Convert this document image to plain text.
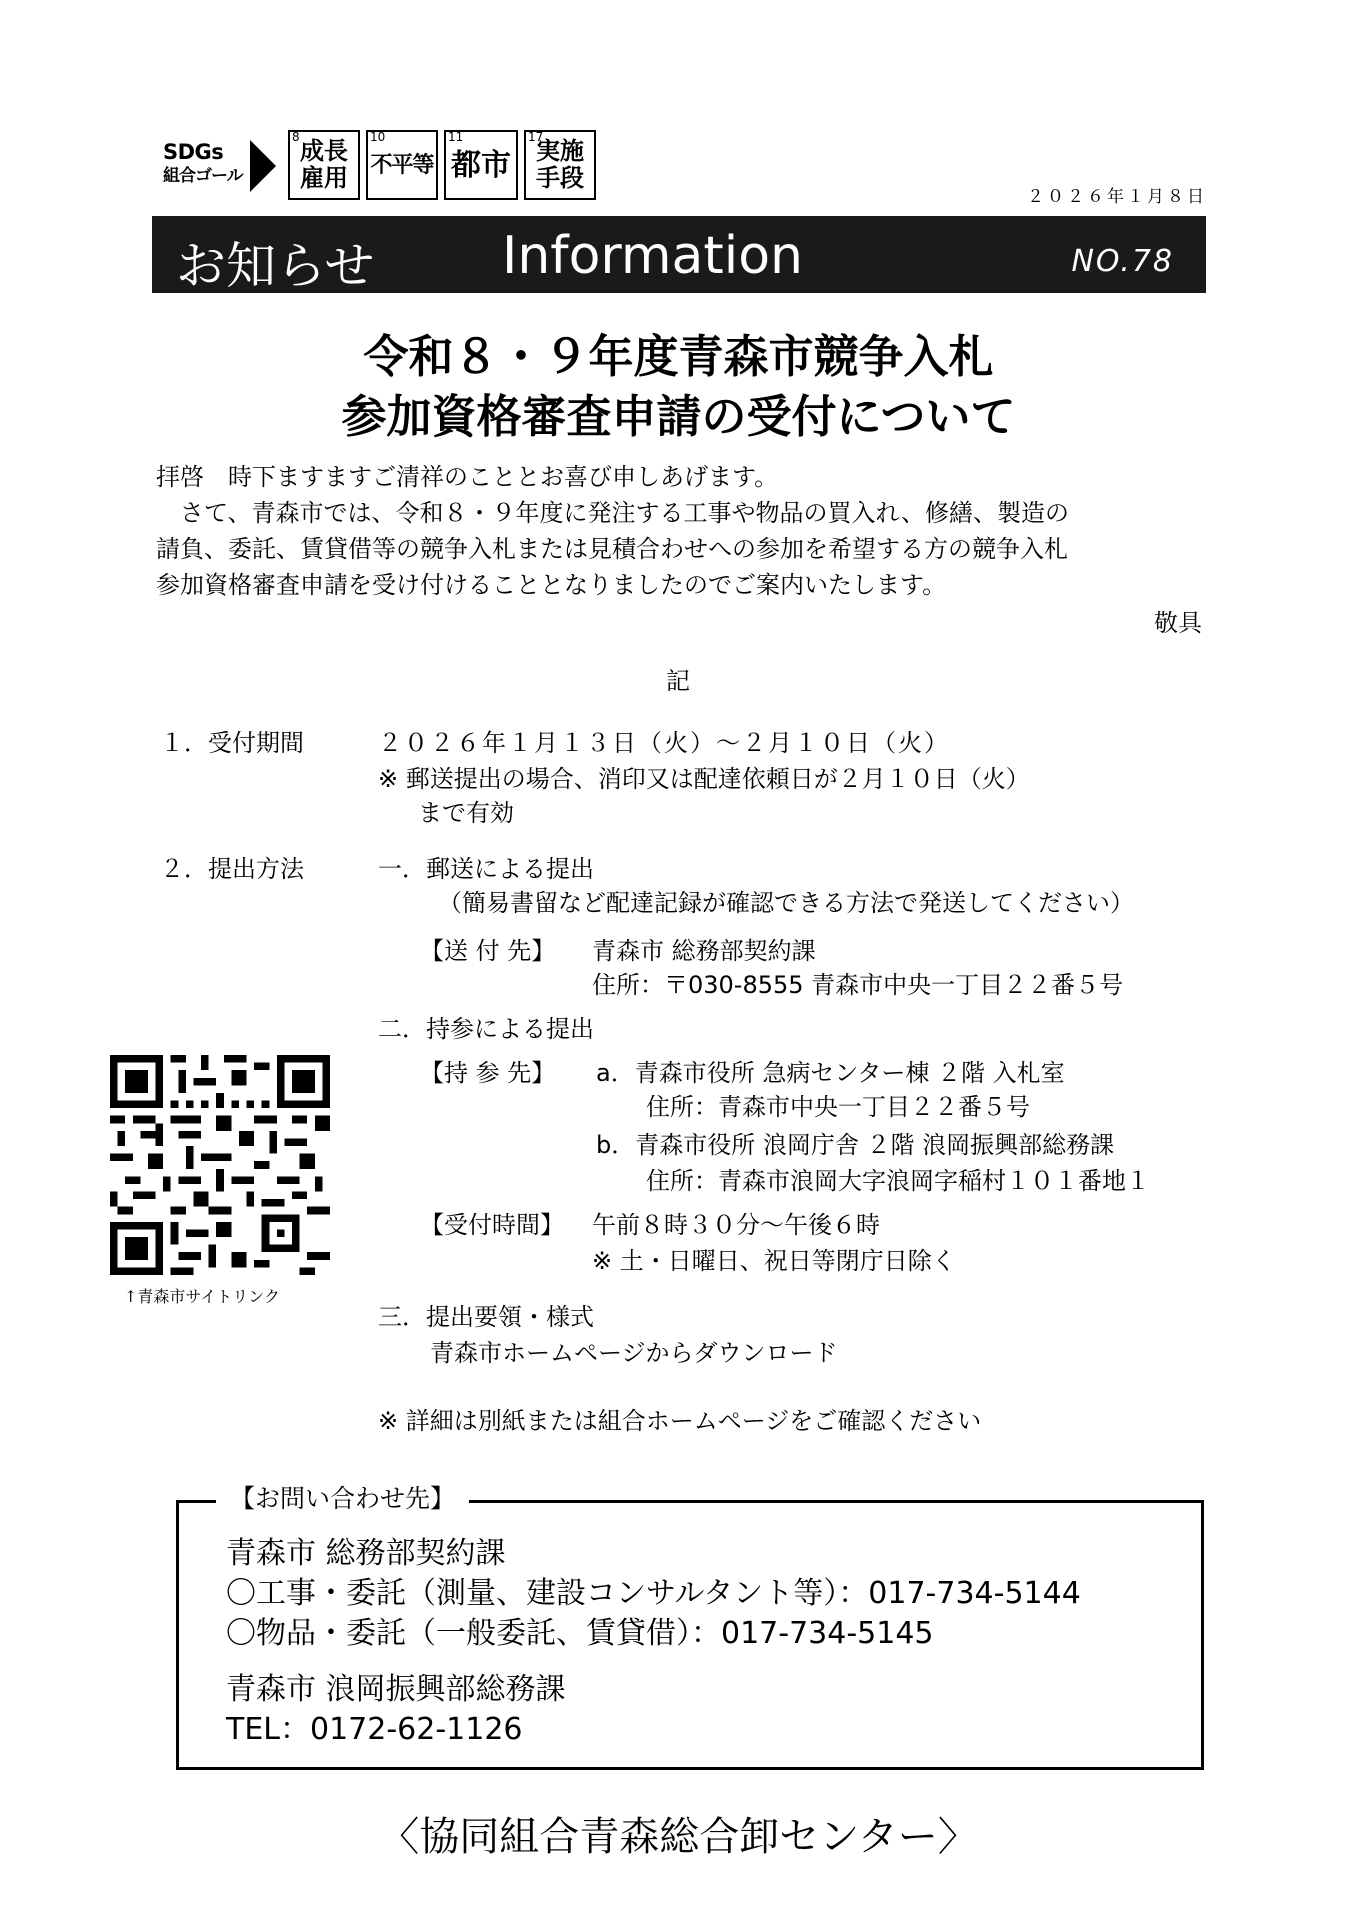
SDGs
組合ゴール
8 成長
雇用
10
不平等
11
都市
17
実施
手段
２０２６年１月８日
お知らせ Information	NO.78
令和８・９年度青森市競争入札
参加資格審査申請の受付について
拝啓　時下ますますご清祥のこととお喜び申しあげます。
　さて、青森市では、令和８・９年度に発注する工事や物品の買入れ、修繕、製造の
請負、委託、賃貸借等の競争入札または見積合わせへの参加を希望する方の競争入札
参加資格審査申請を受け付けることとなりましたのでご案内いたします。
敬具
記
１．受付期間	２０２６年１月１３日（火）～２月１０日（火）
※ 郵送提出の場合、消印又は配達依頼日が２月１０日（火）
まで有効
２．提出方法	一．郵送による提出
（簡易書留など配達記録が確認できる方法で発送してください）
【送 付 先】 青森市 総務部契約課
住所：〒030-8555 青森市中央一丁目２２番５号
二．持参による提出
【持 参 先】 a．青森市役所 急病センター棟 ２階 入札室
住所：青森市中央一丁目２２番５号
b．青森市役所 浪岡庁舎 ２階 浪岡振興部総務課
住所：青森市浪岡大字浪岡字稲村１０１番地１
【受付時間】 午前８時３０分～午後６時
※ 土・日曜日、祝日等閉庁日除く
三．提出要領・様式
青森市ホームページからダウンロード
※ 詳細は別紙または組合ホームページをご確認ください
↑青森市サイトリンク
【お問い合わせ先】
青森市 総務部契約課
〇工事・委託（測量、建設コンサルタント等）：017-734-5144
〇物品・委託（一般委託、賃貸借）：017-734-5145
青森市 浪岡振興部総務課
TEL：0172-62-1126
〈協同組合青森総合卸センター〉
